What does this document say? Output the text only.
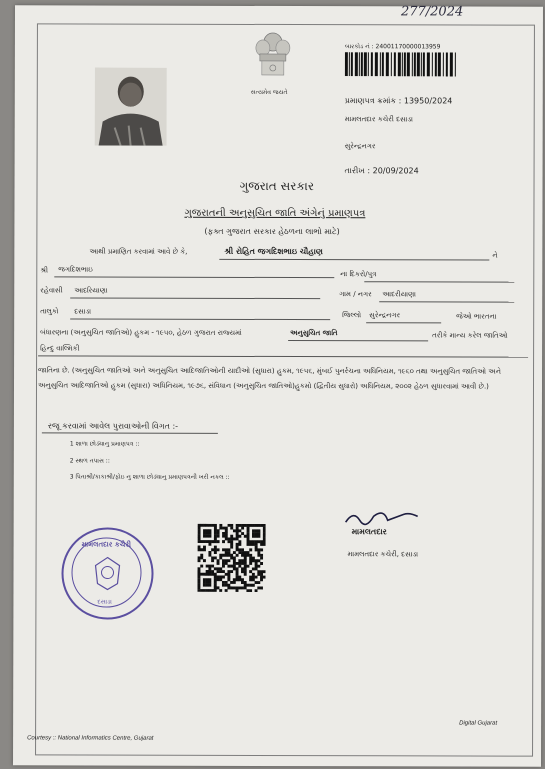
277/2024
સત્યમેવ જયતે
બારકોડ નં : 24001170000013959
પ્રમાણપત્ર ક્રમાંક : 13950/2024
મામલતદાર કચેરી દસાડા
સુરેન્દ્રનગર
તારીખ : 20/09/2024
ગુજરાત સરકાર
ગુજરાતની અનુસુચિત જાતિ અંગેનું પ્રમાણપત્ર
(ફક્ત ગુજરાત સરકાર હેઠળના લાભો માટે)
આથી પ્રમાણિત કરવામાં આવે છે કે,	શ્રી રોહિત જગદિશભાઇ ચૌહાણ	ને
શ્રી જગદિશભાઇ
ના દિકરો/પુત્ર
રહેવાસી આદરિયાણા	ગામ / નગર આદરીયાણા
તાલુકો દસાડા	જિલ્લો સુરેન્દ્રનગર	જેઓ ભારતના
બંધારણના (અનુસુચિત જાતિઓ) હુકમ - ૧૯૫૦, હેઠળ ગુજરાત રાજ્યમાં	અનુસુચિત જાતિ	તરીકે માન્ય કરેલ જાતિઓ
હિન્દુ વાલ્મિકી
જાતિના છે. (અનુસુચિત જાતિઓ અને અનુસુચિત આદિજાતિઓની યાદીઓ (સુધારા) હુકમ, ૧૯૫૬, મુંબઈ પુનર્રચના અધિનિયમ, ૧૯૬૦ તથા અનુસુચિત જાતિઓ અને અનુસુચિત આદિજાતિઓ હુકમ (સુધારા) અધિનિયમ, ૧૯૭૬, સંવિધાન (અનુસુચિત જાતિઓ)હુકમો (દ્વિતીય સુધારો) અધિનિયમ, ૨૦૦૨ હેઠળ સુધારવામાં આવી છે.)
રજૂ કરવામાં આવેલ પુરાવાઓની વિગત :-
1 શાળા છોડ્યાનુ પ્રમાણપત્ર ::
2 સ્થળ તપાસ ::
3 પિતાશ્રી/કાકાશ્રી/ફોઇ નુ શાળા છોડ્યાનુ પ્રમાણપત્રની ખરી નકલ ::
મામલતદાર
મામલતદાર કચેરી, દસાડા
મામલતદાર કચેરી
દસાડા
Courtesy :: National Informatics Centre, Gujarat
Digital Gujarat
